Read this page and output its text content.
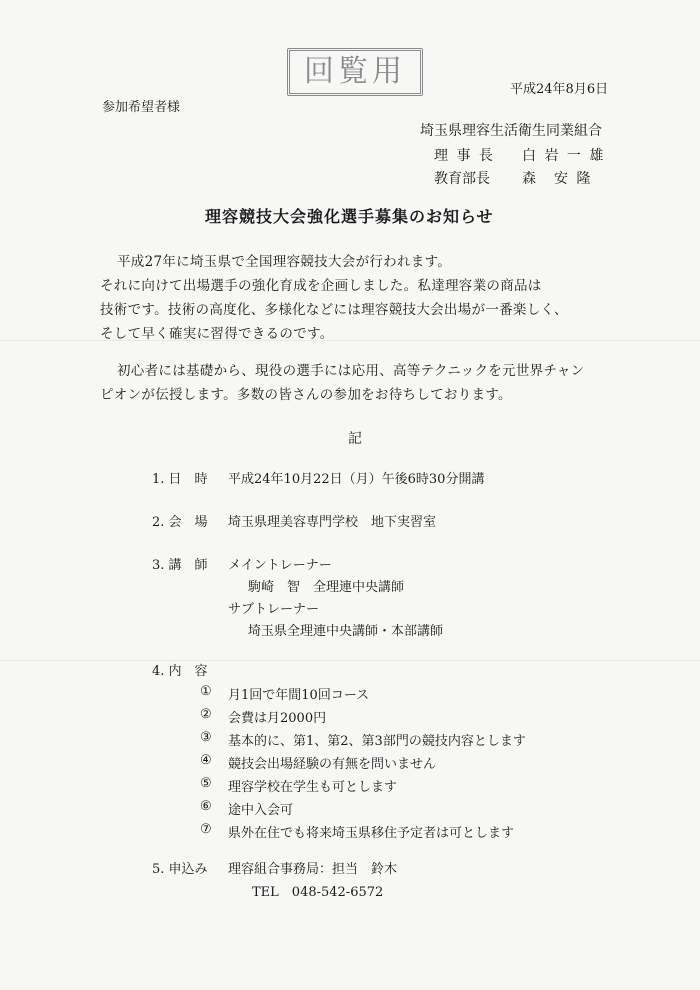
回覧用
平成24年8月6日
参加希望者様
埼玉県理容生活衛生同業組合
理 事 長 白 岩 一 雄
教育部長 森　安 隆
理容競技大会強化選手募集のお知らせ
平成27年に埼玉県で全国理容競技大会が行われます。
それに向けて出場選手の強化育成を企画しました。私達理容業の商品は
技術です。技術の高度化、多様化などには理容競技大会出場が一番楽しく、
そして早く確実に習得できるのです。
初心者には基礎から、現役の選手には応用、高等テクニックを元世界チャン
ピオンが伝授します。多数の皆さんの参加をお待ちしております。
記
1. 日　時 平成24年10月22日（月）午後6時30分開講
2. 会　場 埼玉県理美容専門学校　地下実習室
3. 講　師 メイントレーナー
駒崎　智　全理連中央講師
サブトレーナー
埼玉県全理連中央講師・本部講師
4. 内　容
① 月1回で年間10回コース
② 会費は月2000円
③ 基本的に、第1、第2、第3部門の競技内容とします
④ 競技会出場経験の有無を問いません
⑤ 理容学校在学生も可とします
⑥ 途中入会可
⑦ 県外在住でも将来埼玉県移住予定者は可とします
5. 申込み 理容組合事務局：担当　鈴木
TEL　048-542-6572
